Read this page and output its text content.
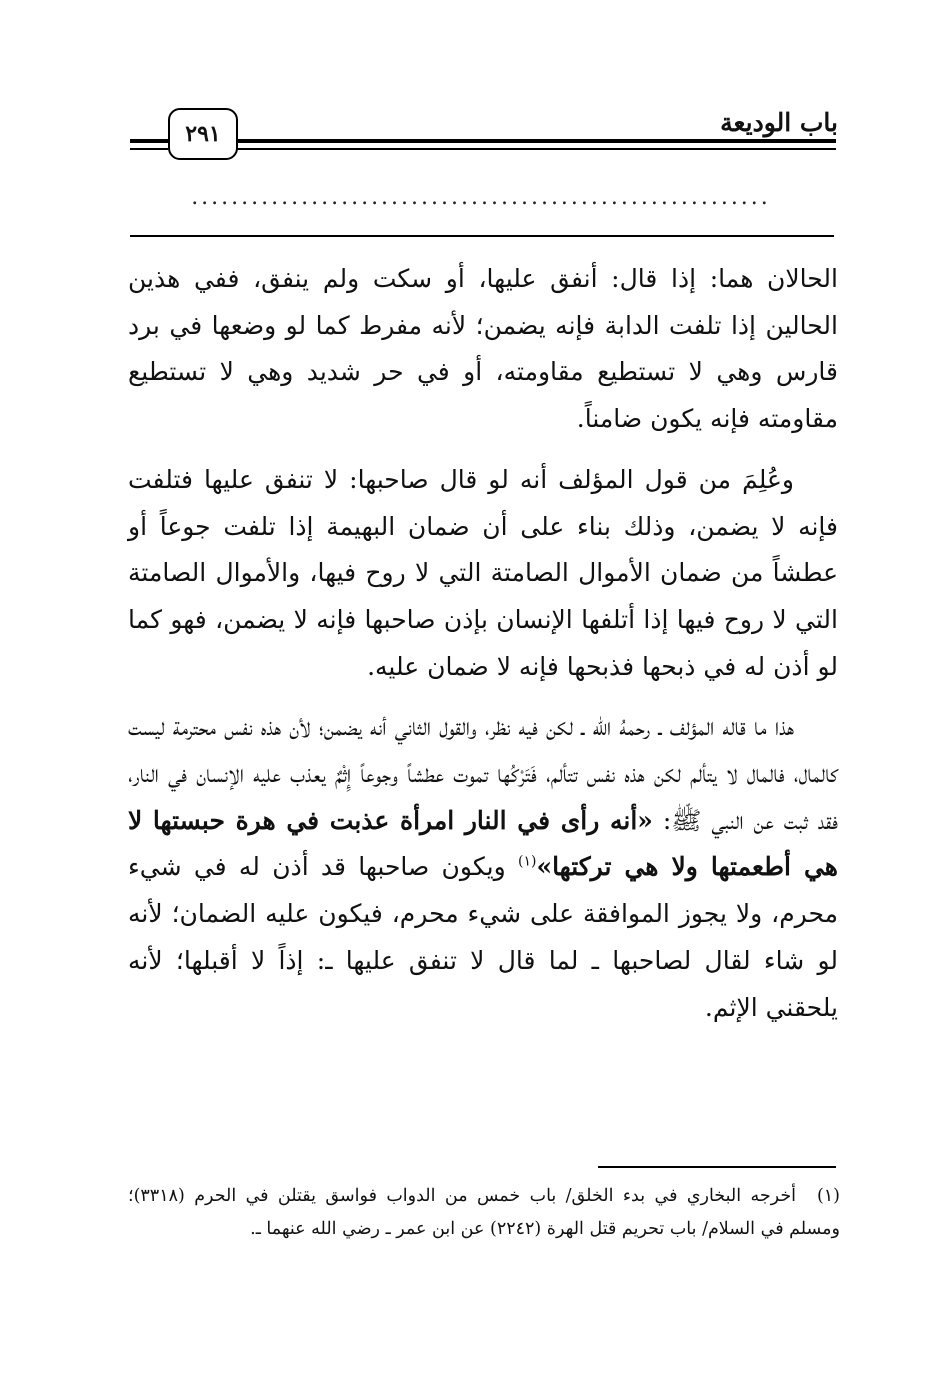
باب الوديعة
٢٩١
..........................................................

الحالان هما: إذا قال: أنفق عليها، أو سكت ولم ينفق، ففي هذين الحالين إذا تلفت الدابة فإنه يضمن؛ لأنه مفرط كما لو وضعها في برد قارس وهي لا تستطيع مقاومته، أو في حر شديد وهي لا تستطيع مقاومته فإنه يكون ضامناً.

وعُلِمَ من قول المؤلف أنه لو قال صاحبها: لا تنفق عليها فتلفت فإنه لا يضمن، وذلك بناء على أن ضمان البهيمة إذا تلفت جوعاً أو عطشاً من ضمان الأموال الصامتة التي لا روح فيها، والأموال الصامتة التي لا روح فيها إذا أتلفها الإنسان بإذن صاحبها فإنه لا يضمن، فهو كما لو أذن له في ذبحها فذبحها فإنه لا ضمان عليه.

هذا ما قاله المؤلف ـ رحمهُ الله ـ لكن فيه نظر، والقول الثاني أنه يضمن؛ لأن هذه نفس محترمة ليست كالمال، فالمال لا يتألم لكن هذه نفس تتألم، فَتَرْكُها تموت عطشاً وجوعاً إِثْمٌ يعذب عليه الإنسان في النار، فقد ثبت عن النبي ﷺ: «أنه رأى في النار امرأة عذبت في هرة حبستها لا هي أطعمتها ولا هي تركتها»$^{(١)}$ ويكون صاحبها قد أذن له في شيء محرم، ولا يجوز الموافقة على شيء محرم، فيكون عليه الضمان؛ لأنه لو شاء لقال لصاحبها ـ لما قال لا تنفق عليها ـ: إذاً لا أقبلها؛ لأنه يلحقني الإثم.

(١)أخرجه البخاري في بدء الخلق/ باب خمس من الدواب فواسق يقتلن في الحرم (٣٣١٨)؛ ومسلم في السلام/ باب تحريم قتل الهرة (٢٢٤٢) عن ابن عمر ـ رضي الله عنهما ـ.
